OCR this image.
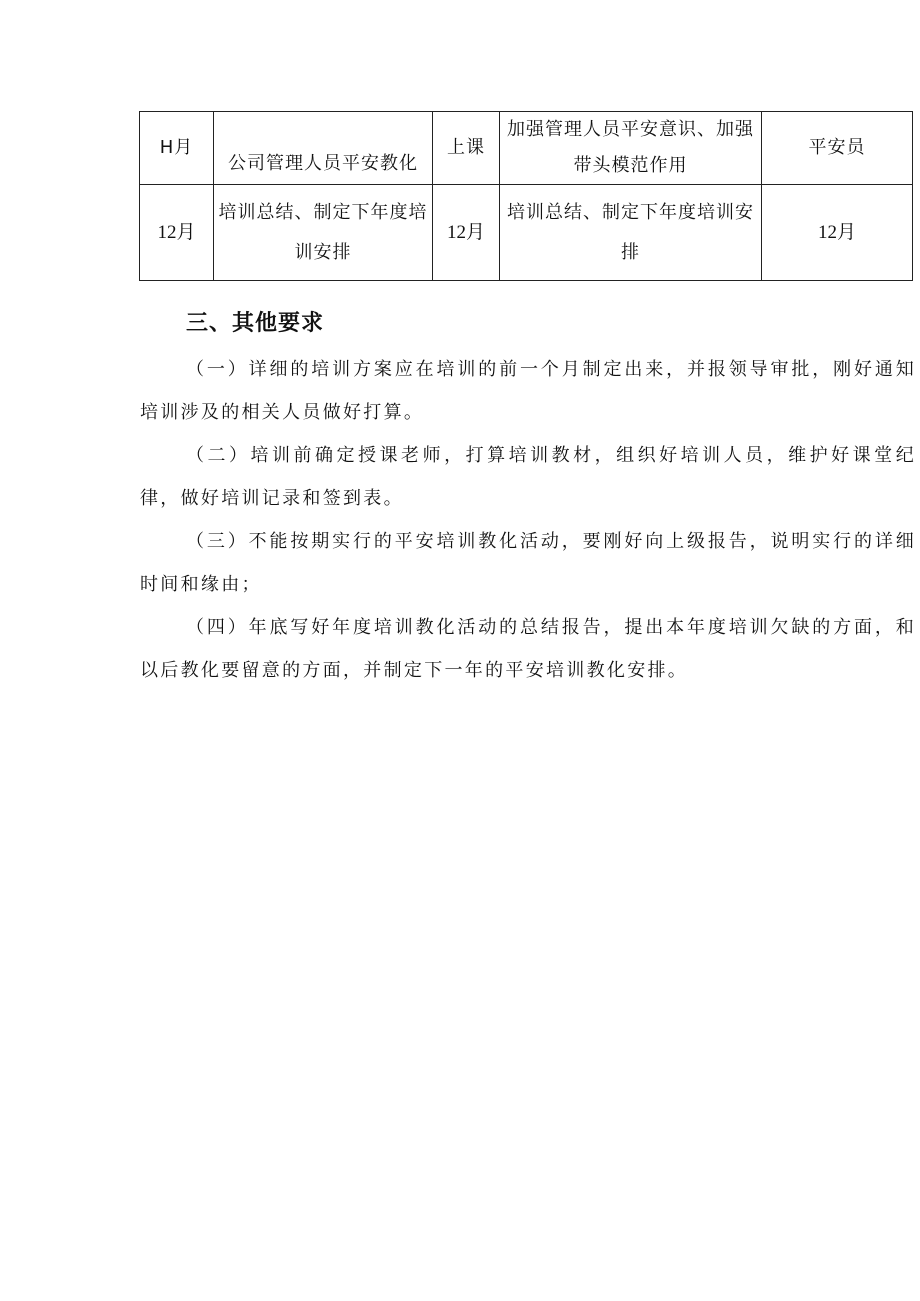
H月	公司管理人员平安教化	上课	加强管理人员平安意识、加强带头模范作用	平安员
12月	培训总结、制定下年度培训安排	12月	培训总结、制定下年度培训安排	12月
三、其他要求

（一）详细的培训方案应在培训的前一个月制定出来，并报领导审批，刚好通知培训涉及的相关人员做好打算。

（二）培训前确定授课老师，打算培训教材，组织好培训人员，维护好课堂纪律，做好培训记录和签到表。

（三）不能按期实行的平安培训教化活动，要刚好向上级报告，说明实行的详细时间和缘由；

（四）年底写好年度培训教化活动的总结报告，提出本年度培训欠缺的方面，和以后教化要留意的方面，并制定下一年的平安培训教化安排。
